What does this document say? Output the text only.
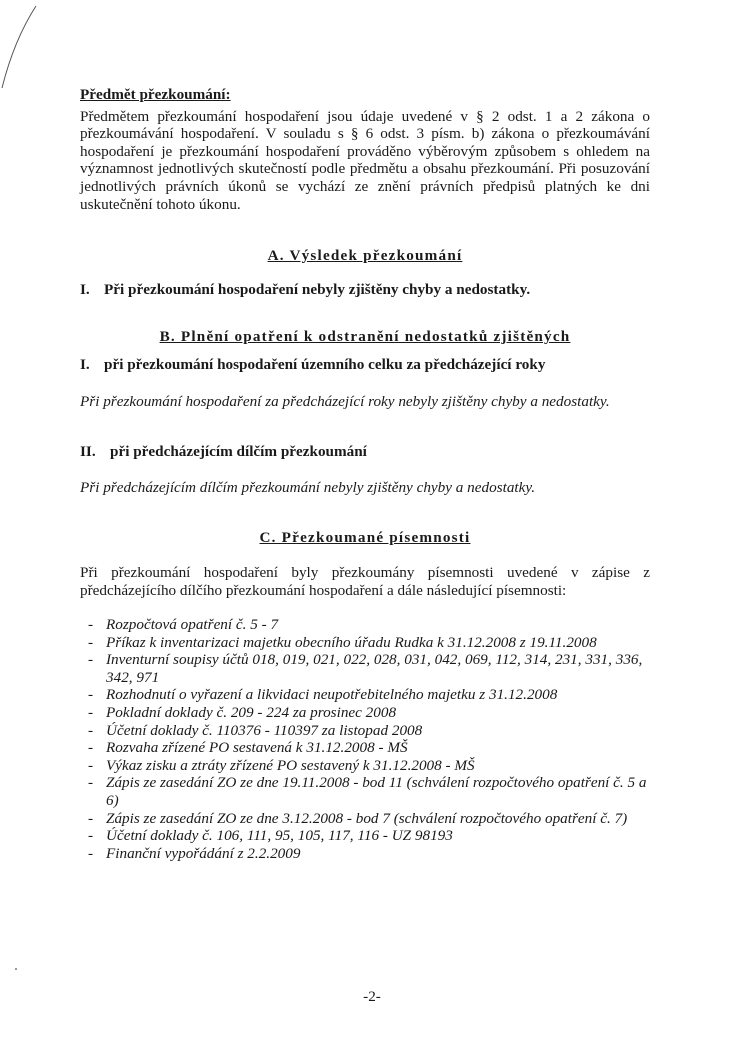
Předmět přezkoumání:

Předmětem přezkoumání hospodaření jsou údaje uvedené v § 2 odst. 1 a 2 zákona o přezkoumávání hospodaření. V souladu s § 6 odst. 3 písm. b) zákona o přezkoumávání hospodaření je přezkoumání hospodaření prováděno výběrovým způsobem s ohledem na významnost jednotlivých skutečností podle předmětu a obsahu přezkoumání. Při posuzování jednotlivých právních úkonů se vychází ze znění právních předpisů platných ke dni uskutečnění tohoto úkonu.

A. Výsledek přezkoumání

I. Při přezkoumání hospodaření nebyly zjištěny chyby a nedostatky.

B. Plnění opatření k odstranění nedostatků zjištěných

I. při přezkoumání hospodaření územního celku za předcházející roky

Při přezkoumání hospodaření za předcházející roky nebyly zjištěny chyby a nedostatky.

II. při předcházejícím dílčím přezkoumání

Při předcházejícím dílčím přezkoumání nebyly zjištěny chyby a nedostatky.

C. Přezkoumané písemnosti

Při přezkoumání hospodaření byly přezkoumány písemnosti uvedené v zápise z předcházejícího dílčího přezkoumání hospodaření a dále následující písemnosti:

- Rozpočtová opatření č. 5 - 7
- Příkaz k inventarizaci majetku obecního úřadu Rudka k 31.12.2008 z 19.11.2008
- Inventurní soupisy účtů 018, 019, 021, 022, 028, 031, 042, 069, 112, 314, 231, 331, 336, 342, 971
- Rozhodnutí o vyřazení a likvidaci neupotřebitelného majetku z 31.12.2008
- Pokladní doklady č. 209 - 224 za prosinec 2008
- Účetní doklady č. 110376 - 110397 za listopad 2008
- Rozvaha zřízené PO sestavená k 31.12.2008 - MŠ
- Výkaz zisku a ztráty zřízené PO sestavený k 31.12.2008 - MŠ
- Zápis ze zasedání ZO ze dne 19.11.2008 - bod 11 (schválení rozpočtového opatření č. 5 a 6)
- Zápis ze zasedání ZO ze dne 3.12.2008 - bod 7 (schválení rozpočtového opatření č. 7)
- Účetní doklady č. 106, 111, 95, 105, 117, 116 - UZ 98193
- Finanční vypořádání z 2.2.2009
-2-
